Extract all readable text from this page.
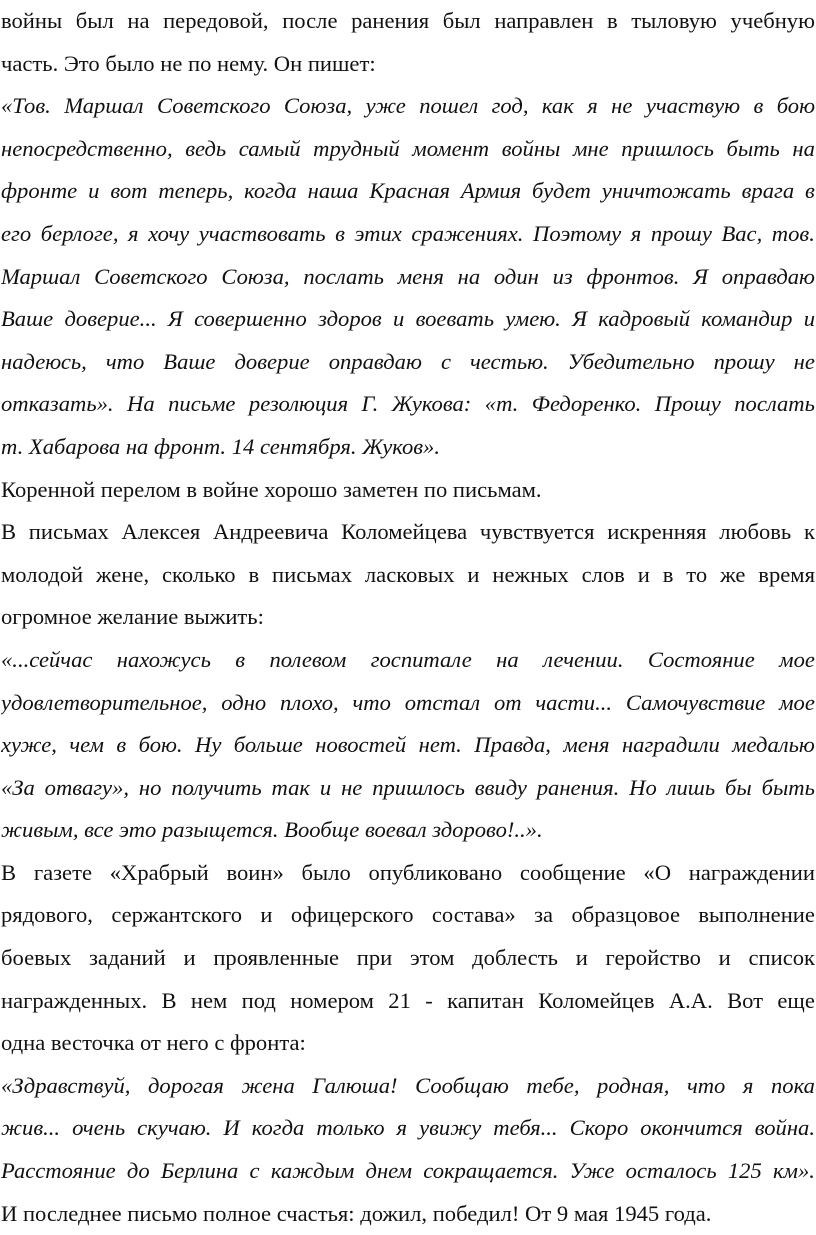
войны был на передовой, после ранения был направлен в тыловую учебную
часть. Это было не по нему. Он пишет:
«Тов. Маршал Советского Союза, уже пошел год, как я не участвую в бою
непосредственно, ведь самый трудный момент войны мне пришлось быть на
фронте и вот теперь, когда наша Красная Армия будет уничтожать врага в
его берлоге, я хочу участвовать в этих сражениях. Поэтому я прошу Вас, тов.
Маршал Советского Союза, послать меня на один из фронтов. Я оправдаю
Ваше доверие... Я совершенно здоров и воевать умею. Я кадровый командир и
надеюсь, что Ваше доверие оправдаю с честью. Убедительно прошу не
отказать». На письме резолюция Г. Жукова: «т. Федоренко. Прошу послать
т. Хабарова на фронт. 14 сентября. Жуков».
Коренной перелом в войне хорошо заметен по письмам.
В письмах Алексея Андреевича Коломейцева чувствуется искренняя любовь к
молодой жене, сколько в письмах ласковых и нежных слов и в то же время
огромное желание выжить:
«...сейчас нахожусь в полевом госпитале на лечении. Состояние мое
удовлетворительное, одно плохо, что отстал от части... Самочувствие мое
хуже, чем в бою. Ну больше новостей нет. Правда, меня наградили медалью
«За отвагу», но получить так и не пришлось ввиду ранения. Но лишь бы быть
живым, все это разыщется. Вообще воевал здорово!..».
В газете «Храбрый воин» было опубликовано сообщение «О награждении
рядового, сержантского и офицерского состава» за образцовое выполнение
боевых заданий и проявленные при этом доблесть и геройство и список
награжденных. В нем под номером 21 - капитан Коломейцев А.А. Вот еще
одна весточка от него с фронта:
«Здравствуй, дорогая жена Галюша! Сообщаю тебе, родная, что я пока
жив... очень скучаю. И когда только я увижу тебя... Скоро окончится война.
Расстояние до Берлина с каждым днем сокращается. Уже осталось 125 км».
И последнее письмо полное счастья: дожил, победил! От 9 мая 1945 года.
